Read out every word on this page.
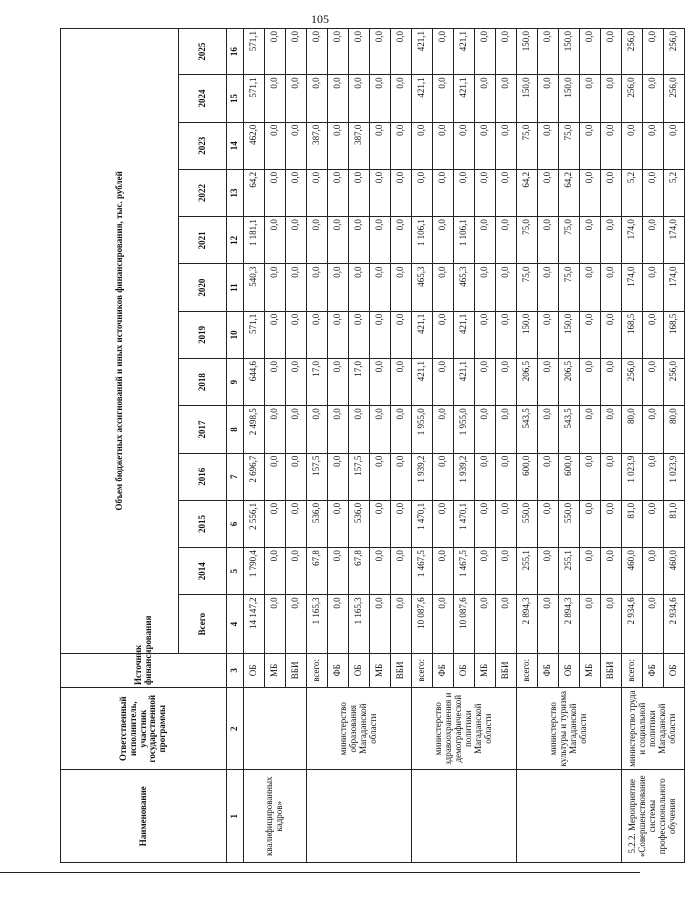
105
Наименование	Ответственный исполнитель, участник государственной программы	Источник финансирования	Объем бюджетных ассигнований и иных источников финансирования, тыс. рублей												
			Всего	2014	2015	2016	2017	2018	2019	2020	2021	2022	2023	2024	2025
1	2	3	4	5	6	7	8	9	10	11	12	13	14	15	16
квалифицированных кадров»		ОБ	14 147,2	1 790,4	2 556,1	2 696,7	2 498,5	644,6	571,1	540,3	1 181,1	64,2	462,0	571,1	571,1
		МБ	0,0	0,0	0,0	0,0	0,0	0,0	0,0	0,0	0,0	0,0	0,0	0,0	0,0
		ВБИ	0,0	0,0	0,0	0,0	0,0	0,0	0,0	0,0	0,0	0,0	0,0	0,0	0,0
	министерство образования Магаданской области	всего:	1 165,3	67,8	536,0	157,5	0,0	17,0	0,0	0,0	0,0	0,0	387,0	0,0	0,0
		ФБ	0,0	0,0	0,0	0,0	0,0	0,0	0,0	0,0	0,0	0,0	0,0	0,0	0,0
		ОБ	1 165,3	67,8	536,0	157,5	0,0	17,0	0,0	0,0	0,0	0,0	387,0	0,0	0,0
		МБ	0,0	0,0	0,0	0,0	0,0	0,0	0,0	0,0	0,0	0,0	0,0	0,0	0,0
		ВБИ	0,0	0,0	0,0	0,0	0,0	0,0	0,0	0,0	0,0	0,0	0,0	0,0	0,0
	министерство здравоохранения и демографической политики Магаданской области	всего:	10 087,6	1 467,5	1 470,1	1 939,2	1 955,0	421,1	421,1	465,3	1 106,1	0,0	0,0	421,1	421,1
		ФБ	0,0	0,0	0,0	0,0	0,0	0,0	0,0	0,0	0,0	0,0	0,0	0,0	0,0
		ОБ	10 087,6	1 467,5	1 470,1	1 939,2	1 955,0	421,1	421,1	465,3	1 106,1	0,0	0,0	421,1	421,1
		МБ	0,0	0,0	0,0	0,0	0,0	0,0	0,0	0,0	0,0	0,0	0,0	0,0	0,0
		ВБИ	0,0	0,0	0,0	0,0	0,0	0,0	0,0	0,0	0,0	0,0	0,0	0,0	0,0
	министерство культуры и туризма Магаданской области	всего:	2 894,3	255,1	550,0	600,0	543,5	206,5	150,0	75,0	75,0	64,2	75,0	150,0	150,0
		ФБ	0,0	0,0	0,0	0,0	0,0	0,0	0,0	0,0	0,0	0,0	0,0	0,0	0,0
		ОБ	2 894,3	255,1	550,0	600,0	543,5	206,5	150,0	75,0	75,0	64,2	75,0	150,0	150,0
		МБ	0,0	0,0	0,0	0,0	0,0	0,0	0,0	0,0	0,0	0,0	0,0	0,0	0,0
		ВБИ	0,0	0,0	0,0	0,0	0,0	0,0	0,0	0,0	0,0	0,0	0,0	0,0	0,0
5.2.2. Мероприятие «Совершенствование системы профессионального обучения	министерство труда и социальной политики Магаданской области	всего:	2 934,6	460,0	81,0	1 023,9	80,0	256,0	168,5	174,0	174,0	5,2	0,0	256,0	256,0
		ФБ	0,0	0,0	0,0	0,0	0,0	0,0	0,0	0,0	0,0	0,0	0,0	0,0	0,0
		ОБ	2 934,6	460,0	81,0	1 023,9	80,0	256,0	168,5	174,0	174,0	5,2	0,0	256,0	256,0
